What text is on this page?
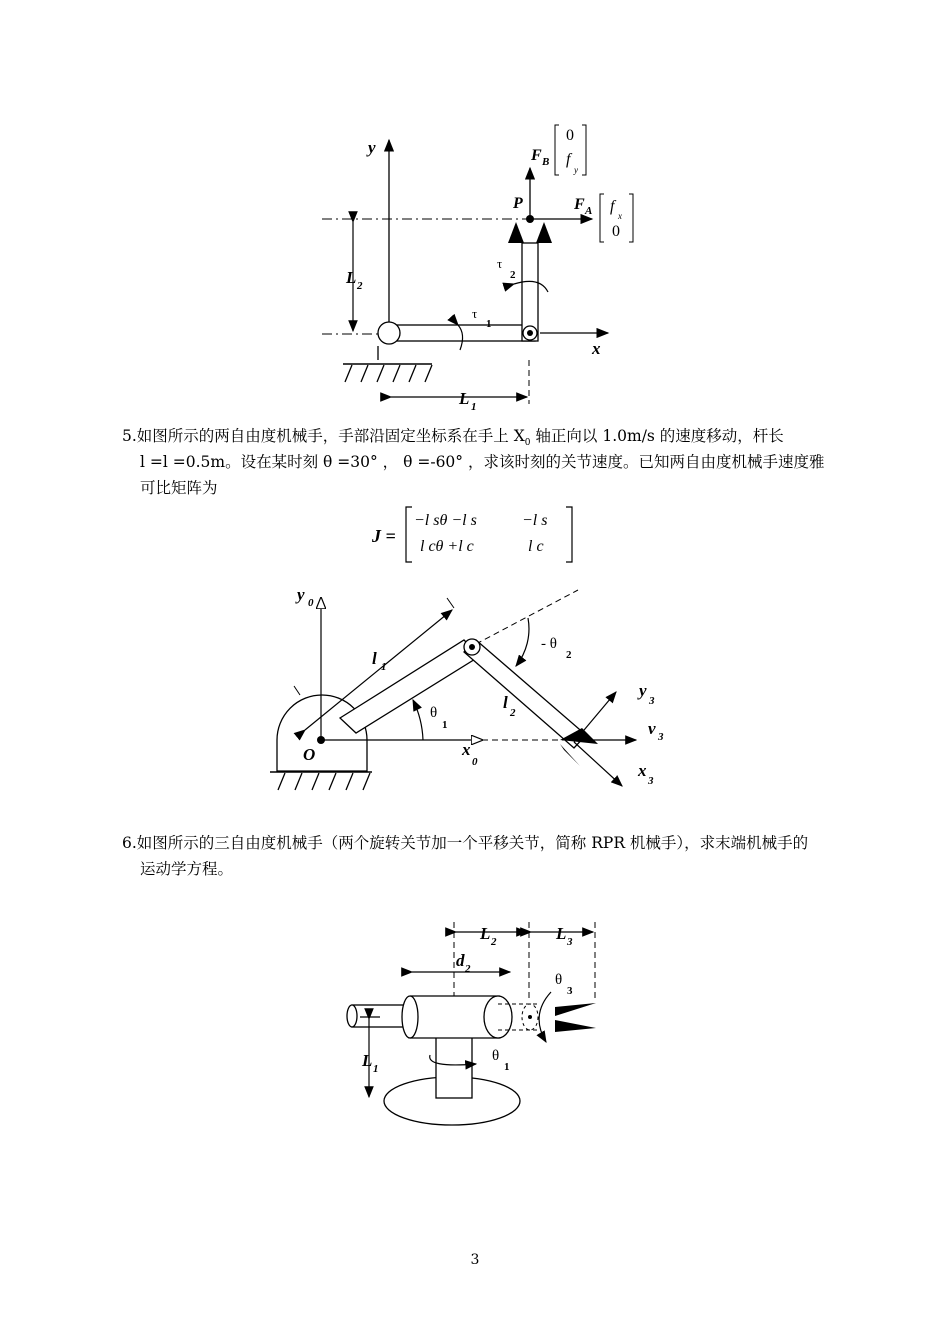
y
x
P
F B
F A
0
f
y
f
x
0
L 2
L 1
τ
1
τ
2
5.如图所示的两自由度机械手，手部沿固定坐标系在手上 $X_0$ 轴正向以 1.0m/s 的速度移动，杆长
l =l =0.5m。设在某时刻 θ =30° ， θ =-60° ，求该时刻的关节速度。已知两自由度机械手速度雅
可比矩阵为
J =
−l sθ −l s	−l s
l cθ +l c	l c
y 0
O	x
0
l 1
l
2
θ
1
- θ
2
y
3
v 3
x
3
6.如图所示的三自由度机械手（两个旋转关节加一个平移关节，简称 RPR 机械手），求末端机械手的
运动学方程。
L 2	L 3
d 2
θ
3
θ
1
L 1
3
